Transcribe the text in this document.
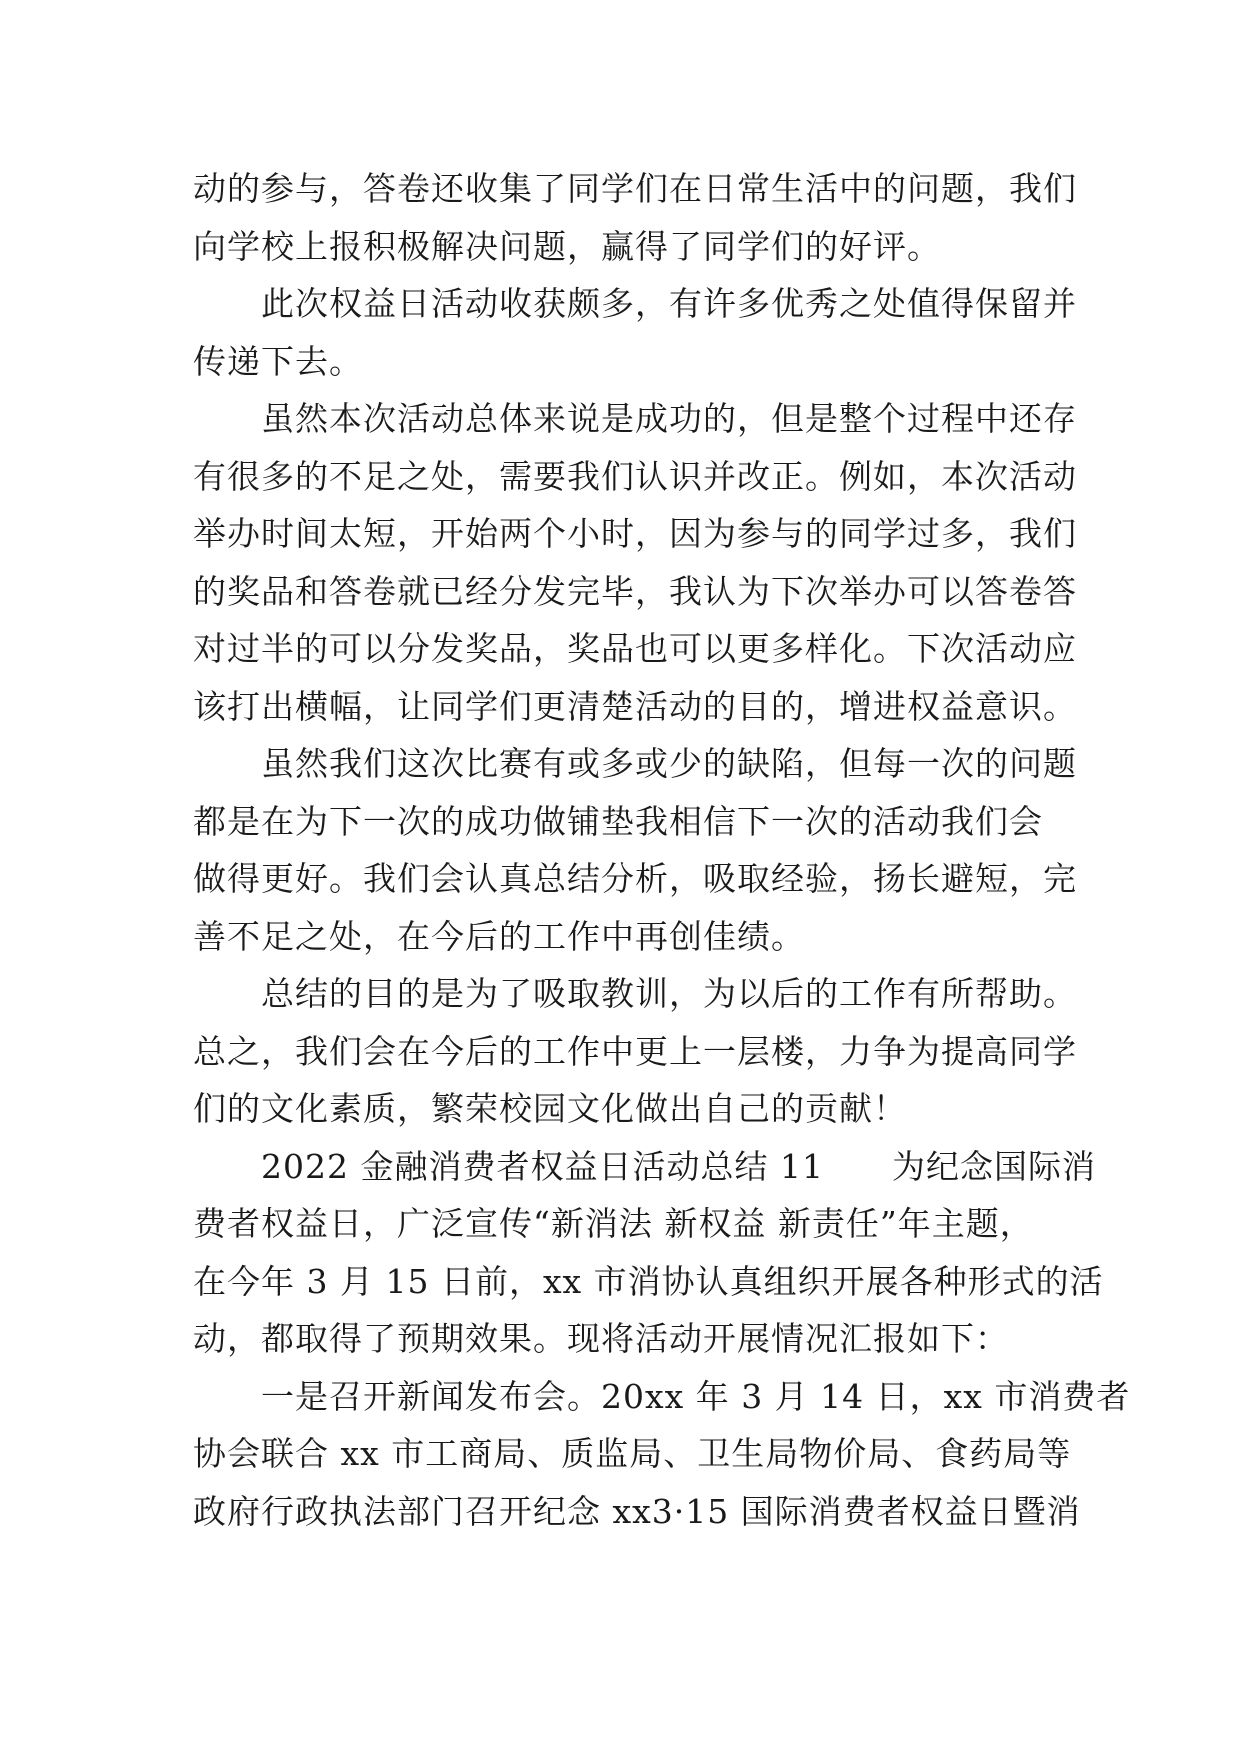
动的参与，答卷还收集了同学们在日常生活中的问题，我们
向学校上报积极解决问题，赢得了同学们的好评。
　　此次权益日活动收获颇多，有许多优秀之处值得保留并
传递下去。
　　虽然本次活动总体来说是成功的，但是整个过程中还存
有很多的不足之处，需要我们认识并改正。例如，本次活动
举办时间太短，开始两个小时，因为参与的同学过多，我们
的奖品和答卷就已经分发完毕，我认为下次举办可以答卷答
对过半的可以分发奖品，奖品也可以更多样化。下次活动应
该打出横幅，让同学们更清楚活动的目的，增进权益意识。
　　虽然我们这次比赛有或多或少的缺陷，但每一次的问题
都是在为下一次的成功做铺垫我相信下一次的活动我们会
做得更好。我们会认真总结分析，吸取经验，扬长避短，完
善不足之处，在今后的工作中再创佳绩。
　　总结的目的是为了吸取教训，为以后的工作有所帮助。
总之，我们会在今后的工作中更上一层楼，力争为提高同学
们的文化素质，繁荣校园文化做出自己的贡献！
　　2022 金融消费者权益日活动总结 11　　为纪念国际消
费者权益日，广泛宣传“新消法 新权益 新责任”年主题，
在今年 3 月 15 日前，xx 市消协认真组织开展各种形式的活
动，都取得了预期效果。现将活动开展情况汇报如下：
　　一是召开新闻发布会。20xx 年 3 月 14 日，xx 市消费者
协会联合 xx 市工商局、质监局、卫生局物价局、食药局等
政府行政执法部门召开纪念 xx3·15 国际消费者权益日暨消
